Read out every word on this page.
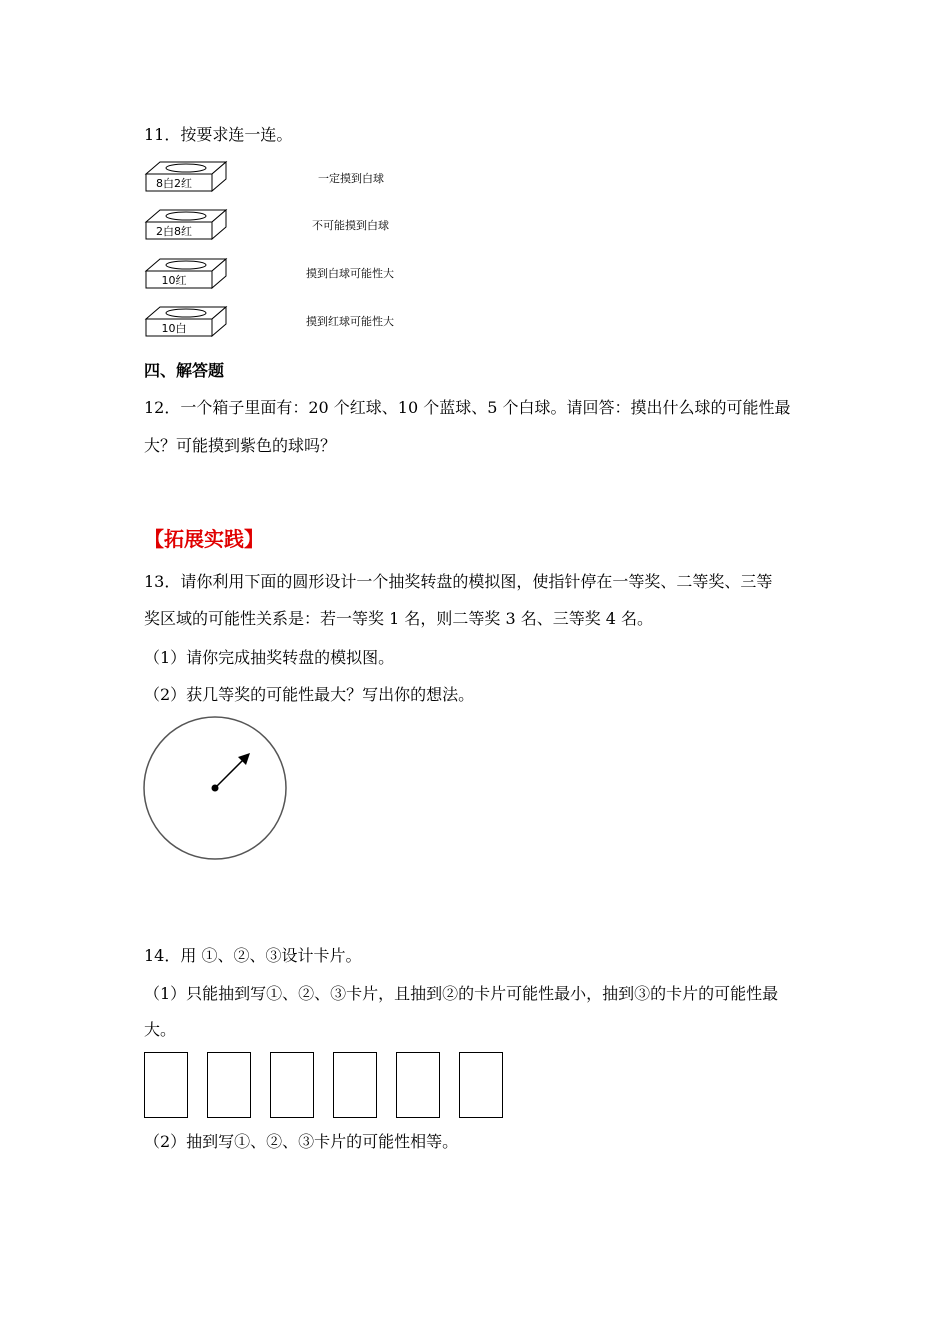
11．按要求连一连。
8白2红	一定摸到白球
2白8红	不可能摸到白球
10红
摸到白球可能性大
10白
摸到红球可能性大
四、解答题
12．一个箱子里面有：20 个红球、10 个蓝球、5 个白球。请回答：摸出什么球的可能性最
大？可能摸到紫色的球吗？
【拓展实践】
13．请你利用下面的圆形设计一个抽奖转盘的模拟图，使指针停在一等奖、二等奖、三等
奖区域的可能性关系是：若一等奖 1 名，则二等奖 3 名、三等奖 4 名。
（1）请你完成抽奖转盘的模拟图。
（2）获几等奖的可能性最大？写出你的想法。
14．用 ①、②、③设计卡片。
（1）只能抽到写①、②、③卡片，且抽到②的卡片可能性最小，抽到③的卡片的可能性最
大。
（2）抽到写①、②、③卡片的可能性相等。
